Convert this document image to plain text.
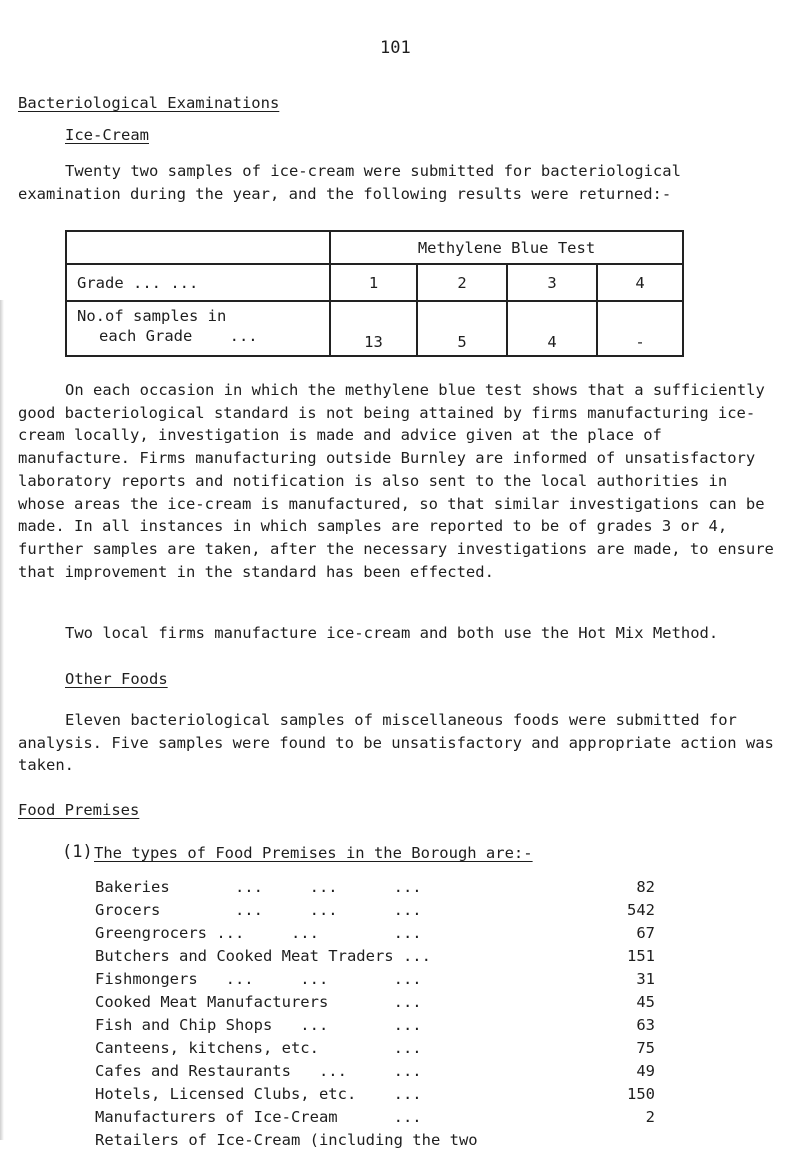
101
Bacteriological Examinations
Ice-Cream
Twenty two samples of ice-cream were submitted for bacteriological examination during the year, and the following results were returned:-
	Methylene Blue Test			
Grade ... ...	1	2	3	4

No.of samples in
each Grade    ...	13	5	4	-
On each occasion in which the methylene blue test shows that a sufficiently good bacteriological standard is not being attained by firms manufacturing ice-cream locally, investigation is made and advice given at the place of manufacture. Firms manufacturing outside Burnley are informed of unsatisfactory laboratory reports and notification is also sent to the local authorities in whose areas the ice-cream is manufactured, so that similar investigations can be made. In all instances in which samples are reported to be of grades 3 or 4, further samples are taken, after the necessary investigations are made, to ensure that improvement in the standard has been effected.
Two local firms manufacture ice-cream and both use the Hot Mix Method.
Other Foods
Eleven bacteriological samples of miscellaneous foods were submitted for analysis. Five samples were found to be unsatisfactory and appropriate action was taken.
Food Premises
(1) The types of Food Premises in the Borough are:-
Bakeries       ...     ...      ...	82
Grocers        ...     ...      ...	542
Greengrocers ...     ...        ...	67
Butchers and Cooked Meat Traders ...	151
Fishmongers   ...     ...       ...	31
Cooked Meat Manufacturers       ...	45
Fish and Chip Shops   ...       ...	63
Canteens, kitchens, etc.        ...	75
Cafes and Restaurants   ...     ...	49
Hotels, Licensed Clubs, etc.    ...	150
Manufacturers of Ice-Cream      ...	2
Retailers of Ice-Cream (including the two
